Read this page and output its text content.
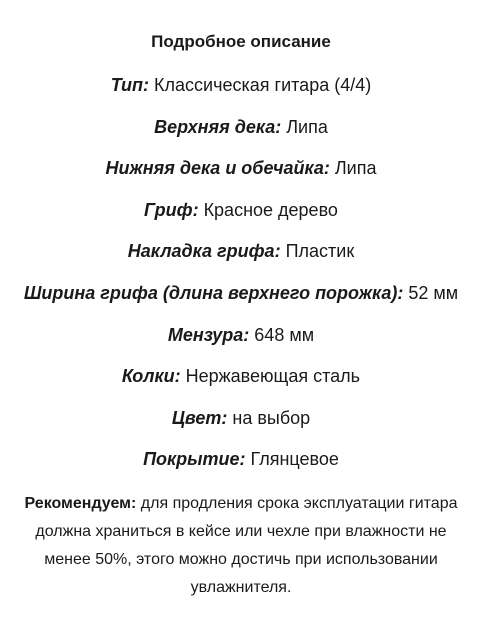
Подробное описание
Тип: Классическая гитара (4/4)
Верхняя дека: Липа
Нижняя дека и обечайка: Липа
Гриф: Красное дерево
Накладка грифа: Пластик
Ширина грифа (длина верхнего порожка): 52 мм
Мензура: 648 мм
Колки: Нержавеющая сталь
Цвет: на выбор
Покрытие: Глянцевое

Рекомендуем: для продления срока эксплуатации гитара должна храниться в кейсе или чехле при влажности не менее 50%, этого можно достичь при использовании увлажнителя.
